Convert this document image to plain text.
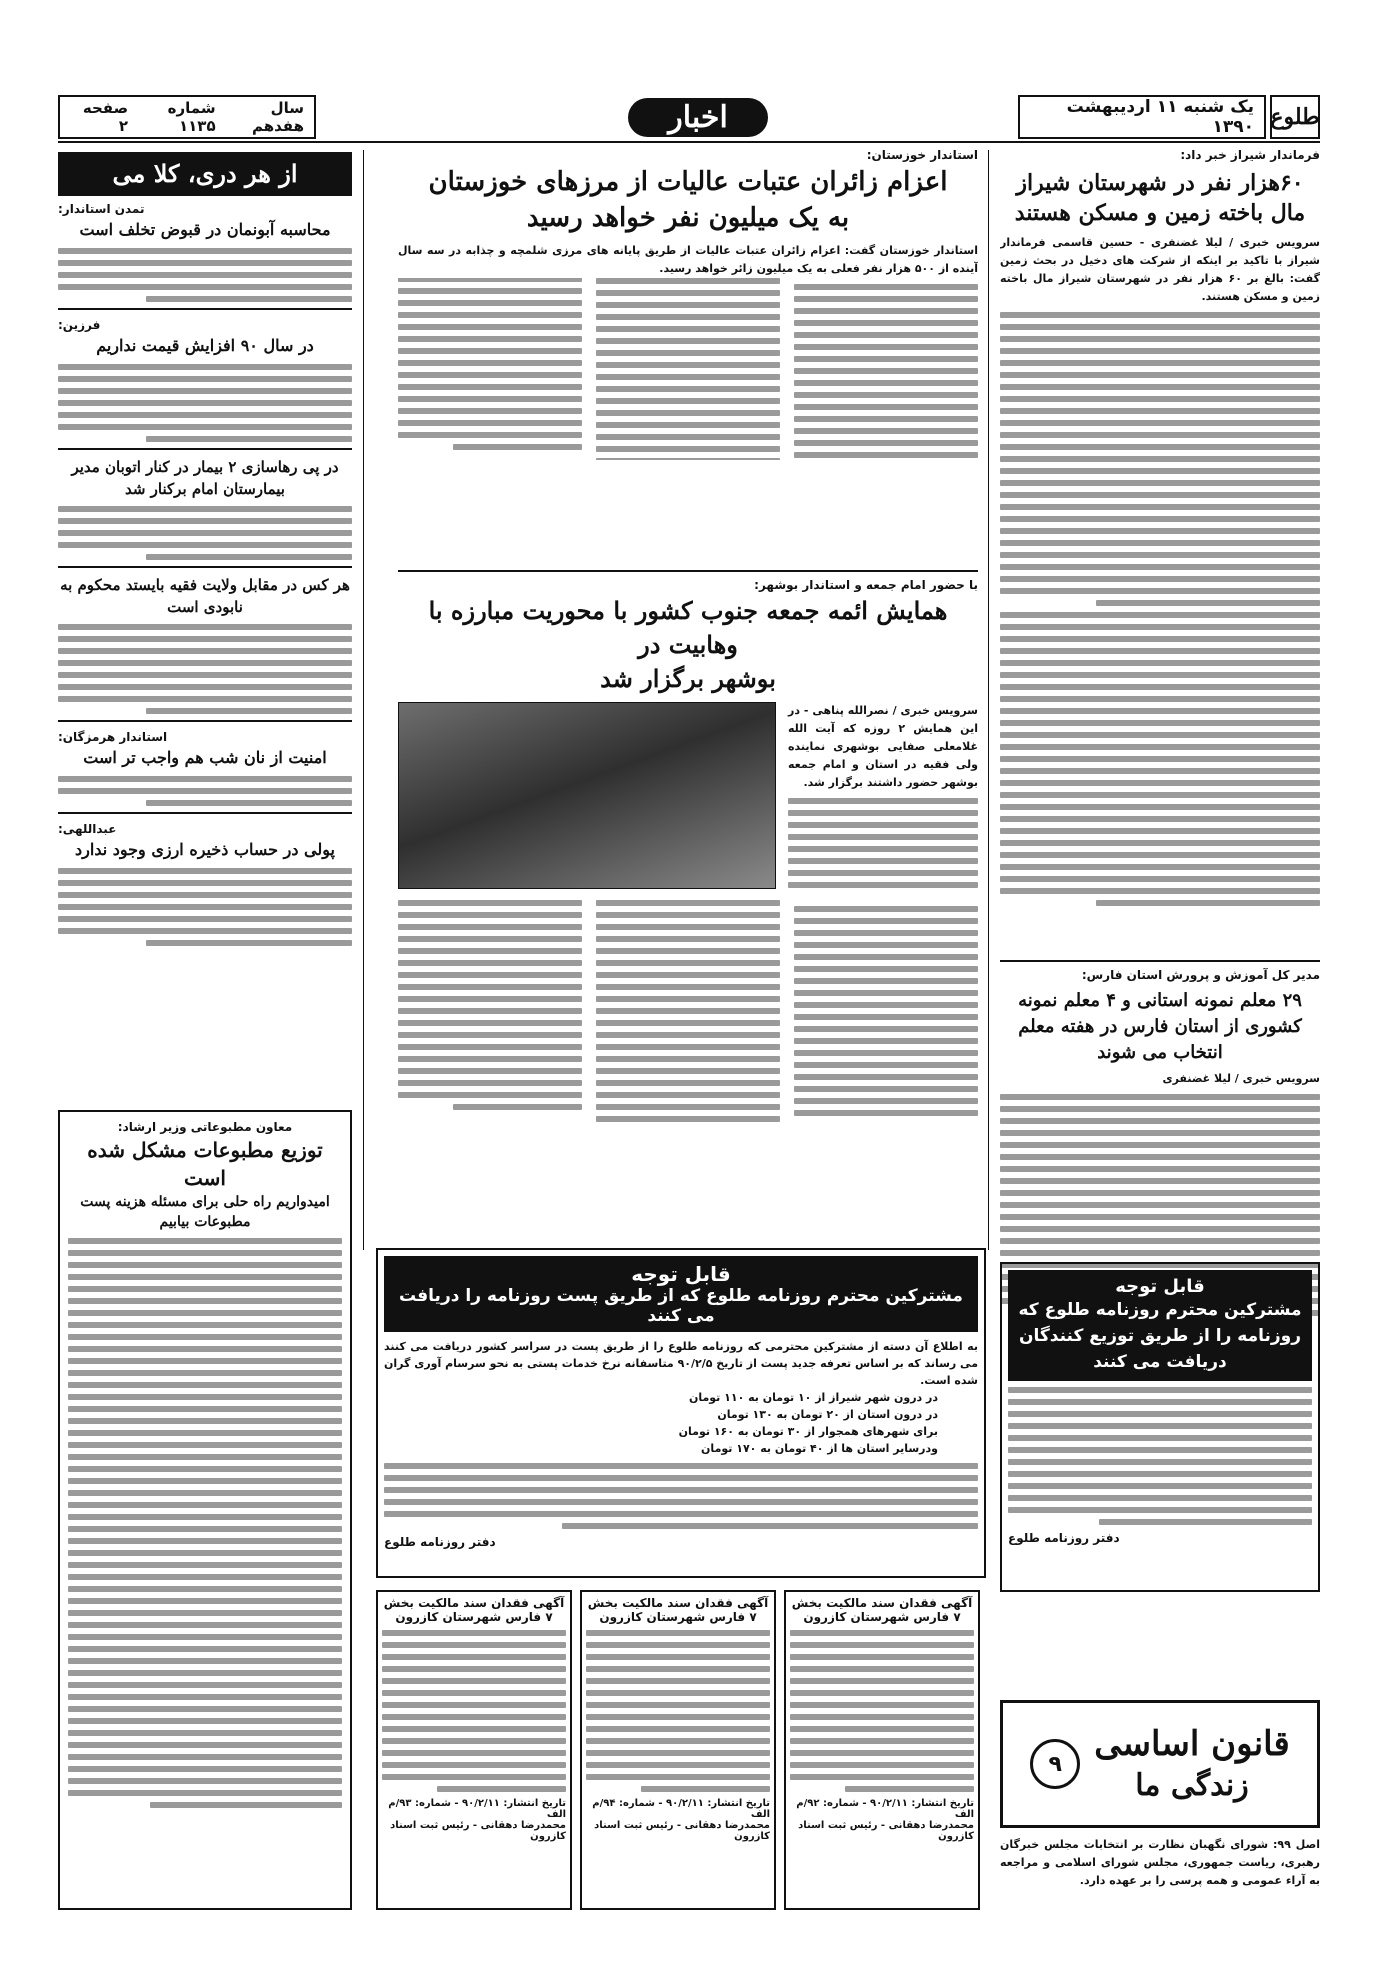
طلوع
یک شنبه ۱۱ اردیبهشت ۱۳۹۰
اخبار
سال هفدهم
شماره ۱۱۳۵
صفحه ۲
فرماندار شیراز خبر داد:
۶۰هزار نفر در شهرستان شیراز مال باخته زمین و مسکن هستند
سرویس خبری / لیلا غضنفری - حسین قاسمی فرماندار شیراز با تاکید بر اینکه از شرکت های دخیل در بحث زمین گفت: بالغ بر ۶۰ هزار نفر در شهرستان شیراز مال باخته زمین و مسکن هستند.
مدیر کل آموزش و پرورش استان فارس:
۲۹ معلم نمونه استانی و ۴ معلم نمونه کشوری از استان فارس در هفته معلم انتخاب می شوند
سرویس خبری / لیلا غضنفری
استاندار خوزستان:
اعزام زائران عتبات عالیات از مرزهای خوزستان
به یک میلیون نفر خواهد رسید
استاندار خوزستان گفت: اعزام زائران عتبات عالیات از طریق پایانه های مرزی شلمچه و چذابه در سه سال آینده از ۵۰۰ هزار نفر فعلی به یک میلیون زائر خواهد رسید.
با حضور امام جمعه و استاندار بوشهر:
همایش ائمه جمعه جنوب کشور با محوریت مبارزه با وهابیت در
بوشهر برگزار شد
سرویس خبری / نصرالله پناهی - در این همایش ۲ روزه که آیت الله غلامعلی صفایی بوشهری نماینده ولی فقیه در استان و امام جمعه بوشهر حضور داشتند برگزار شد.
از هر دری، کلا می
تمدن استاندار:
محاسبه آبونمان در قبوض تخلف است
فرزین:
در سال ۹۰ افزایش قیمت نداریم
در پی رهاسازی ۲ بیمار در کنار اتوبان مدیر بیمارستان امام برکنار شد
هر کس در مقابل ولایت فقیه بایستد محکوم به نابودی است
استاندار هرمزگان:
امنیت از نان شب هم واجب تر است
عبداللهی:
پولی در حساب ذخیره ارزی وجود ندارد
معاون مطبوعاتی وزیر ارشاد:
توزیع مطبوعات مشکل شده است
امیدواریم راه حلی برای مسئله هزینه پست
مطبوعات بیابیم
قابل توجه
مشترکین محترم روزنامه طلوع که از طریق پست روزنامه را دریافت می کنند
به اطلاع آن دسته از مشترکین محترمی که روزنامه طلوع را از طریق پست در سراسر کشور دریافت می کنند می رساند که بر اساس تعرفه جدید پست از تاریخ ۹۰/۲/۵ متاسفانه نرخ خدمات پستی به نحو سرسام آوری گران شده است.
در درون شهر شیراز از ۱۰ تومان به ۱۱۰ تومان
در درون استان از ۲۰ تومان به ۱۳۰ تومان
برای شهرهای همجوار از ۳۰ تومان به ۱۶۰ تومان
ودرسایر استان ها از ۴۰ تومان به ۱۷۰ تومان
دفتر روزنامه طلوع
قابل توجه
مشترکین محترم روزنامه طلوع که روزنامه را از طریق توزیع کنندگان دریافت می کنند
دفتر روزنامه طلوع
آگهی فقدان سند مالکیت بخش ۷ فارس شهرستان کازرون
تاریخ انتشار: ۹۰/۲/۱۱ - شماره: ۹۳/م الف
محمدرضا دهقانی - رئیس ثبت اسناد کازرون
آگهی فقدان سند مالکیت بخش ۷ فارس شهرستان کازرون
تاریخ انتشار: ۹۰/۲/۱۱ - شماره: ۹۴/م الف
محمدرضا دهقانی - رئیس ثبت اسناد کازرون
آگهی فقدان سند مالکیت بخش ۷ فارس شهرستان کازرون
تاریخ انتشار: ۹۰/۲/۱۱ - شماره: ۹۲/م الف
محمدرضا دهقانی - رئیس ثبت اسناد کازرون
قانون اساسی
زندگی ما
۹
اصل ۹۹: شورای نگهبان نظارت بر انتخابات مجلس خبرگان رهبری، ریاست جمهوری، مجلس شورای اسلامی و مراجعه به آراء عمومی و همه پرسی را بر عهده دارد.
